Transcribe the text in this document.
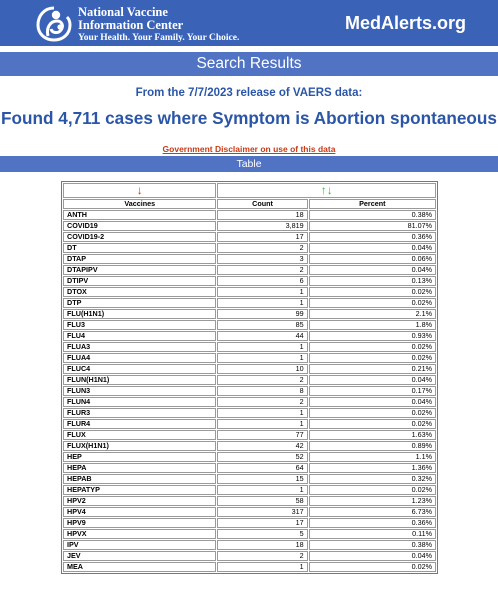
National Vaccine
Information Center
Your Health. Your Family. Your Choice.
MedAlerts.org
Search Results
From the 7/7/2023 release of VAERS data:
Found 4,711 cases where Symptom is Abortion spontaneous
Government Disclaimer on use of this data
Table
↓	↑↓	
Vaccines	Count	Percent
ANTH	18	0.38%
COVID19	3,819	81.07%
COVID19-2	17	0.36%
DT	2	0.04%
DTAP	3	0.06%
DTAPIPV	2	0.04%
DTIPV	6	0.13%
DTOX	1	0.02%
DTP	1	0.02%
FLU(H1N1)	99	2.1%
FLU3	85	1.8%
FLU4	44	0.93%
FLUA3	1	0.02%
FLUA4	1	0.02%
FLUC4	10	0.21%
FLUN(H1N1)	2	0.04%
FLUN3	8	0.17%
FLUN4	2	0.04%
FLUR3	1	0.02%
FLUR4	1	0.02%
FLUX	77	1.63%
FLUX(H1N1)	42	0.89%
HEP	52	1.1%
HEPA	64	1.36%
HEPAB	15	0.32%
HEPATYP	1	0.02%
HPV2	58	1.23%
HPV4	317	6.73%
HPV9	17	0.36%
HPVX	5	0.11%
IPV	18	0.38%
JEV	2	0.04%
MEA	1	0.02%
